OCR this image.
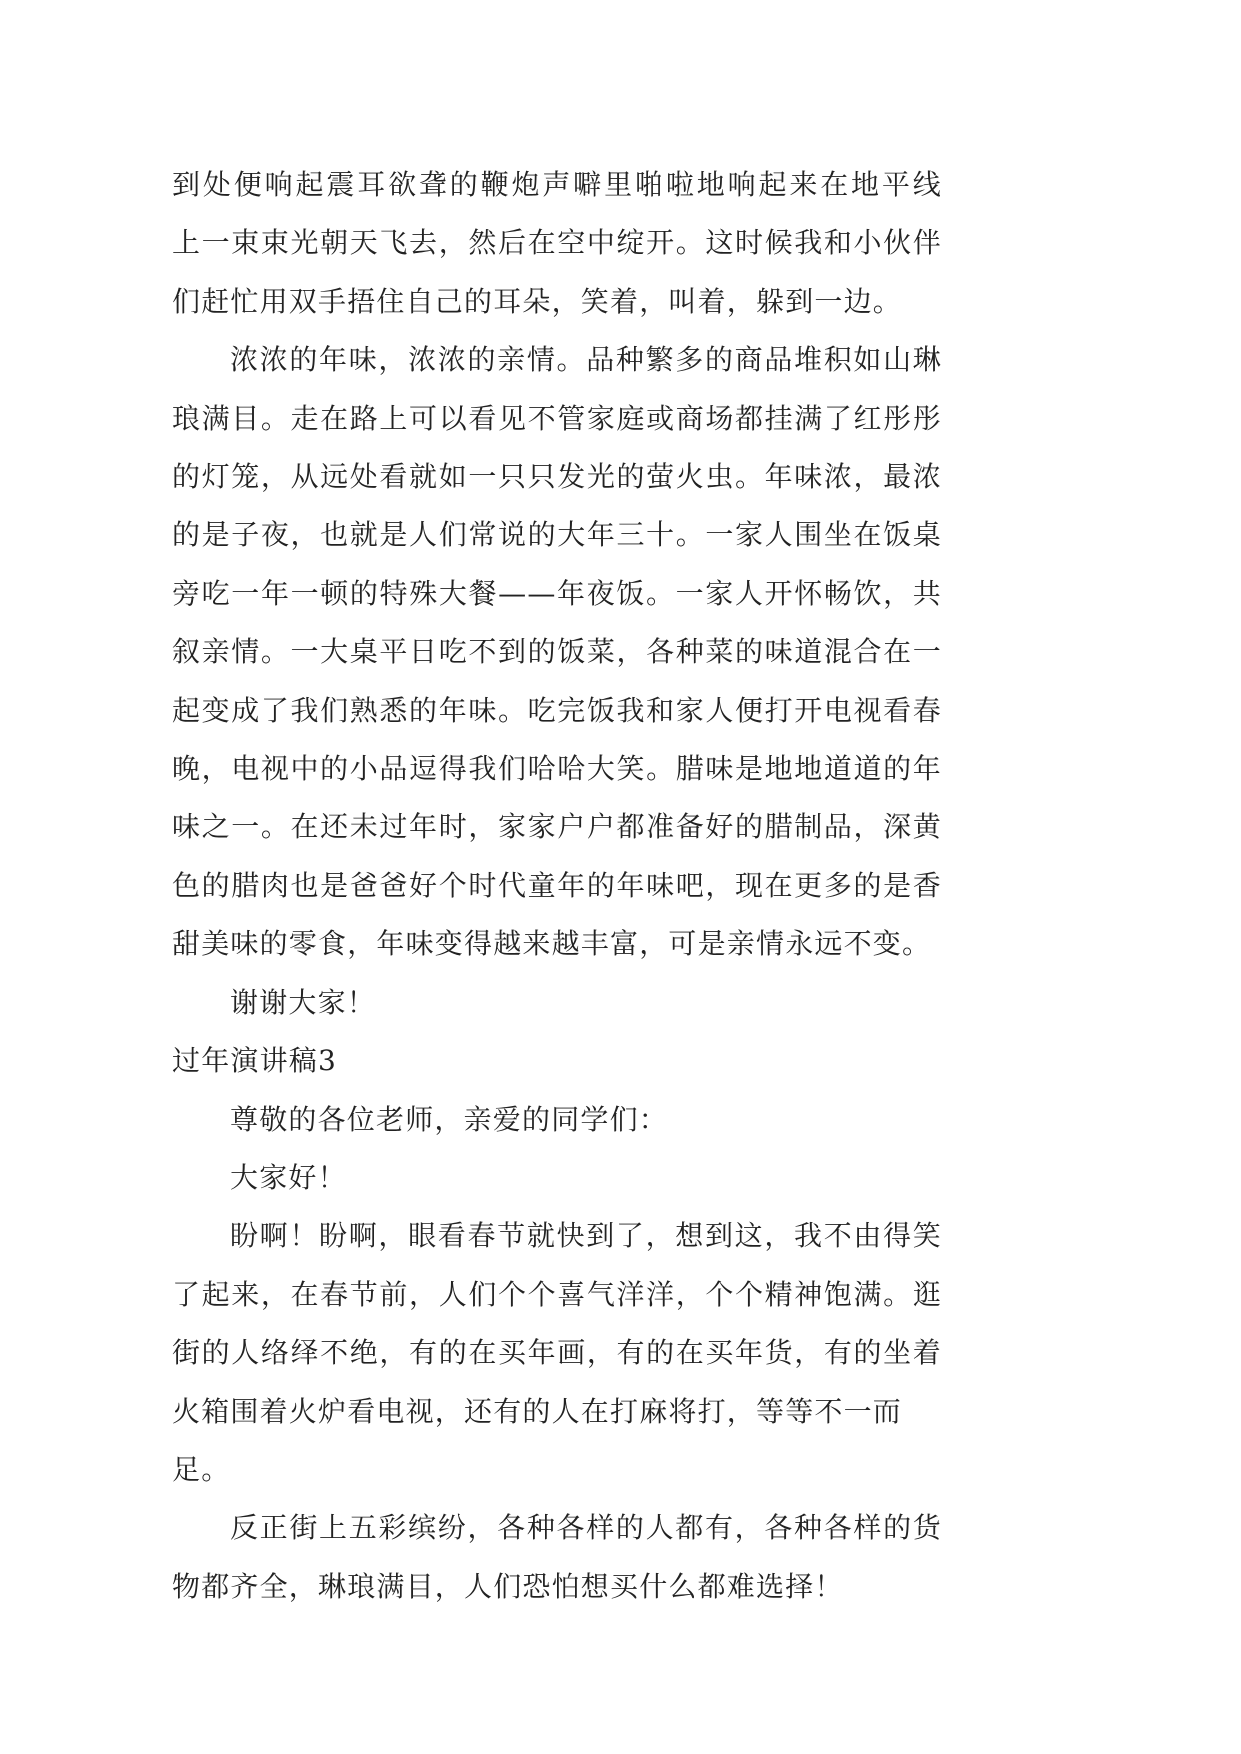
到处便响起震耳欲聋的鞭炮声噼里啪啦地响起来在地平线
上一束束光朝天飞去，然后在空中绽开。这时候我和小伙伴
们赶忙用双手捂住自己的耳朵，笑着，叫着，躲到一边。
浓浓的年味，浓浓的亲情。品种繁多的商品堆积如山琳
琅满目。走在路上可以看见不管家庭或商场都挂满了红彤彤
的灯笼，从远处看就如一只只发光的萤火虫。年味浓，最浓
的是子夜，也就是人们常说的大年三十。一家人围坐在饭桌
旁吃一年一顿的特殊大餐——年夜饭。一家人开怀畅饮，共
叙亲情。一大桌平日吃不到的饭菜，各种菜的味道混合在一
起变成了我们熟悉的年味。吃完饭我和家人便打开电视看春
晚，电视中的小品逗得我们哈哈大笑。腊味是地地道道的年
味之一。在还未过年时，家家户户都准备好的腊制品，深黄
色的腊肉也是爸爸好个时代童年的年味吧，现在更多的是香
甜美味的零食，年味变得越来越丰富，可是亲情永远不变。
谢谢大家！
过年演讲稿3
尊敬的各位老师，亲爱的同学们：
大家好！
盼啊！盼啊，眼看春节就快到了，想到这，我不由得笑
了起来，在春节前，人们个个喜气洋洋，个个精神饱满。逛
街的人络绎不绝，有的在买年画，有的在买年货，有的坐着
火箱围着火炉看电视，还有的人在打麻将打，等等不一而足。
反正街上五彩缤纷，各种各样的人都有，各种各样的货
物都齐全，琳琅满目，人们恐怕想买什么都难选择！
